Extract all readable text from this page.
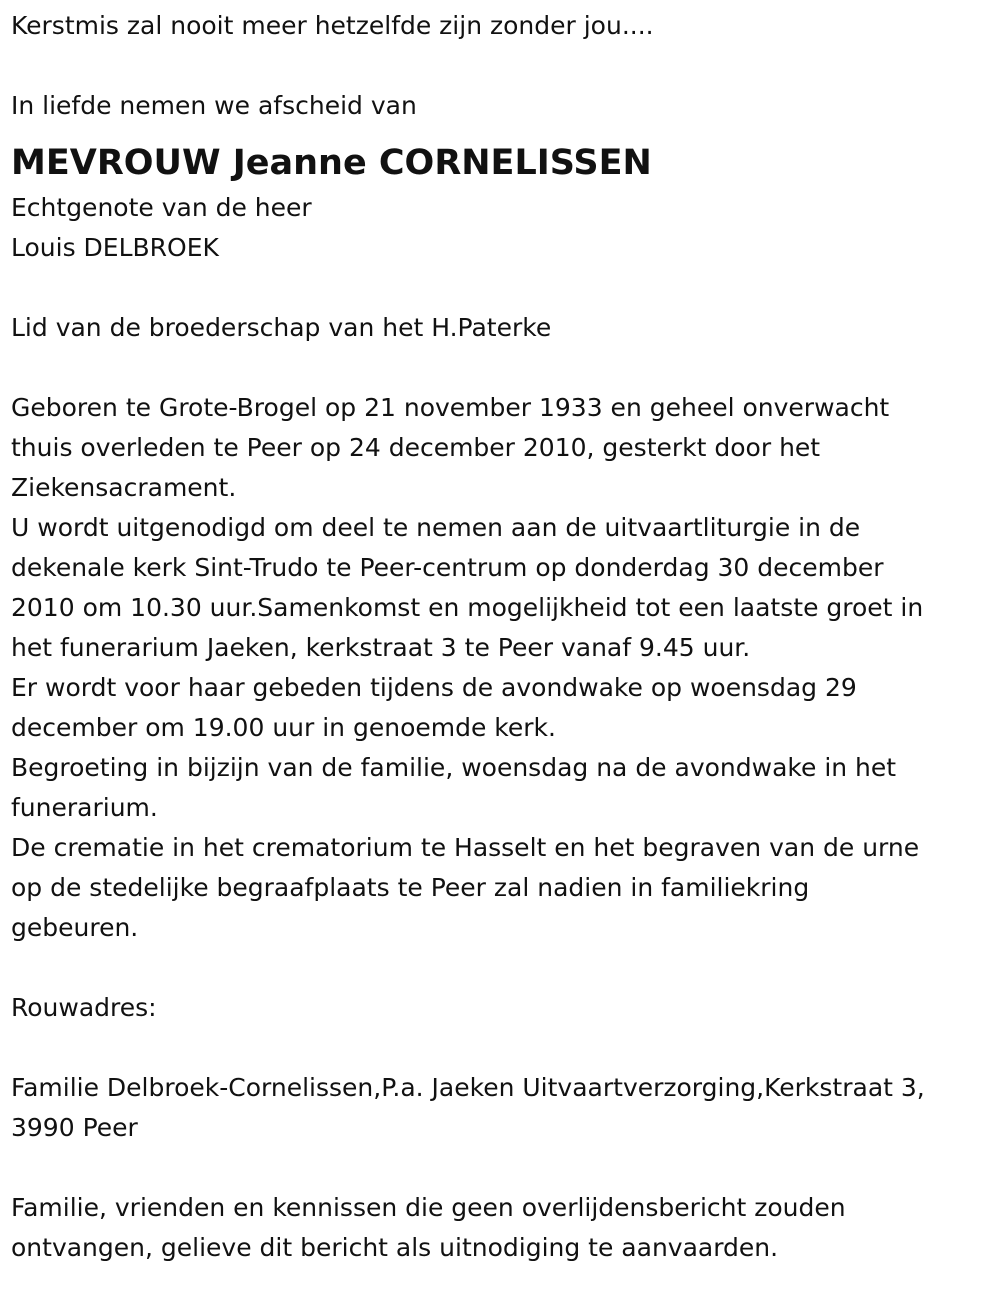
Kerstmis zal nooit meer hetzelfde zijn zonder jou....

In liefde nemen we afscheid van

MEVROUW Jeanne CORNELISSEN

Echtgenote van de heer

Louis DELBROEK

Lid van de broederschap van het H.Paterke

Geboren te Grote-Brogel op 21 november 1933 en geheel onverwacht

thuis overleden te Peer op 24 december 2010, gesterkt door het

Ziekensacrament.

U wordt uitgenodigd om deel te nemen aan de uitvaartliturgie in de

dekenale kerk Sint-Trudo te Peer-centrum op donderdag 30 december

2010 om 10.30 uur.Samenkomst en mogelijkheid tot een laatste groet in

het funerarium Jaeken, kerkstraat 3 te Peer vanaf 9.45 uur.

Er wordt voor haar gebeden tijdens de avondwake op woensdag 29

december om 19.00 uur in genoemde kerk.

Begroeting in bijzijn van de familie, woensdag na de avondwake in het

funerarium.

De crematie in het crematorium te Hasselt en het begraven van de urne

op de stedelijke begraafplaats te Peer zal nadien in familiekring

gebeuren.

Rouwadres:

Familie Delbroek-Cornelissen,P.a. Jaeken Uitvaartverzorging,Kerkstraat 3,

3990 Peer

Familie, vrienden en kennissen die geen overlijdensbericht zouden

ontvangen, gelieve dit bericht als uitnodiging te aanvaarden.
